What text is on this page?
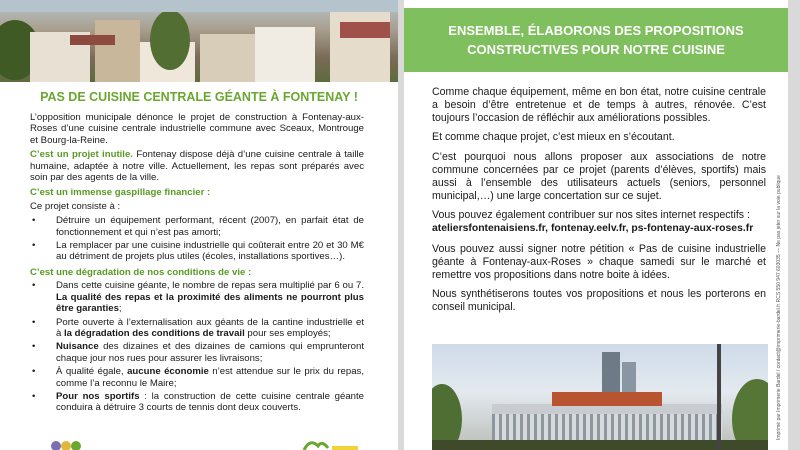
PAS DE CUISINE CENTRALE GÉANTE À FONTENAY !

L’opposition municipale dénonce le projet de construction à Fontenay-aux-Roses d’une cuisine centrale industrielle commune avec Sceaux, Montrouge et Bourg-la-Reine.

C’est un projet inutile. Fontenay dispose déjà d’une cuisine centrale à taille humaine, adaptée à notre ville. Actuellement, les repas sont préparés avec soin par des agents de la ville.

C’est un immense gaspillage financier :

Ce projet consiste à :

• Détruire un équipement performant, récent (2007), en parfait état de fonctionnement et qui n’est pas amorti;
• La remplacer par une cuisine industrielle qui coûterait entre 20 et 30 M€ au détriment de projets plus utiles (écoles, installations sportives…).
C’est une dégradation de nos conditions de vie :
• Dans cette cuisine géante, le nombre de repas sera multiplié par 6 ou 7. La qualité des repas et la proximité des aliments ne pourront plus être garanties;
• Porte ouverte à l’externalisation aux géants de la cantine industrielle et à la dégradation des conditions de travail pour ses employés;
• Nuisance des dizaines et des dizaines de camions qui emprunteront chaque jour nos rues pour assurer les livraisons;
• À qualité égale, aucune économie n’est attendue sur le prix du repas, comme l’a reconnu le Maire;
• Pour nos sportifs : la construction de cette cuisine centrale géante conduira à détruire 3 courts de tennis dont deux couverts.
ENSEMBLE, ÉLABORONS DES PROPOSITIONS
CONSTRUCTIVES POUR NOTRE CUISINE

Comme chaque équipement, même en bon état, notre cuisine centrale a besoin d’être entretenue et de temps à autres, rénovée. C’est toujours l’occasion de réfléchir aux améliorations possibles.

Et comme chaque projet, c’est mieux en s’écoutant.

C’est pourquoi nous allons proposer aux associations de notre commune concernées par ce projet (parents d’élèves, sportifs) mais aussi à l’ensemble des utilisateurs actuels (seniors, personnel municipal,…) une large concertation sur ce sujet.

Vous pouvez également contribuer sur nos sites internet respectifs :
ateliersfontenaisiens.fr, fontenay.eelv.fr, ps-fontenay-aux-roses.fr

Vous pouvez aussi signer notre pétition « Pas de cuisine industrielle géante à Fontenay-aux-Roses » chaque samedi sur le marché et remettre vos propositions dans notre boite à idées.

Nous synthétiserons toutes vos propositions et nous les porterons en conseil municipal.	Imprimé par Imprimerie Bardel / contact@imprimerie-bardel.fr RCS 550 947 603035 — Ne pas jeter sur la voie publique
